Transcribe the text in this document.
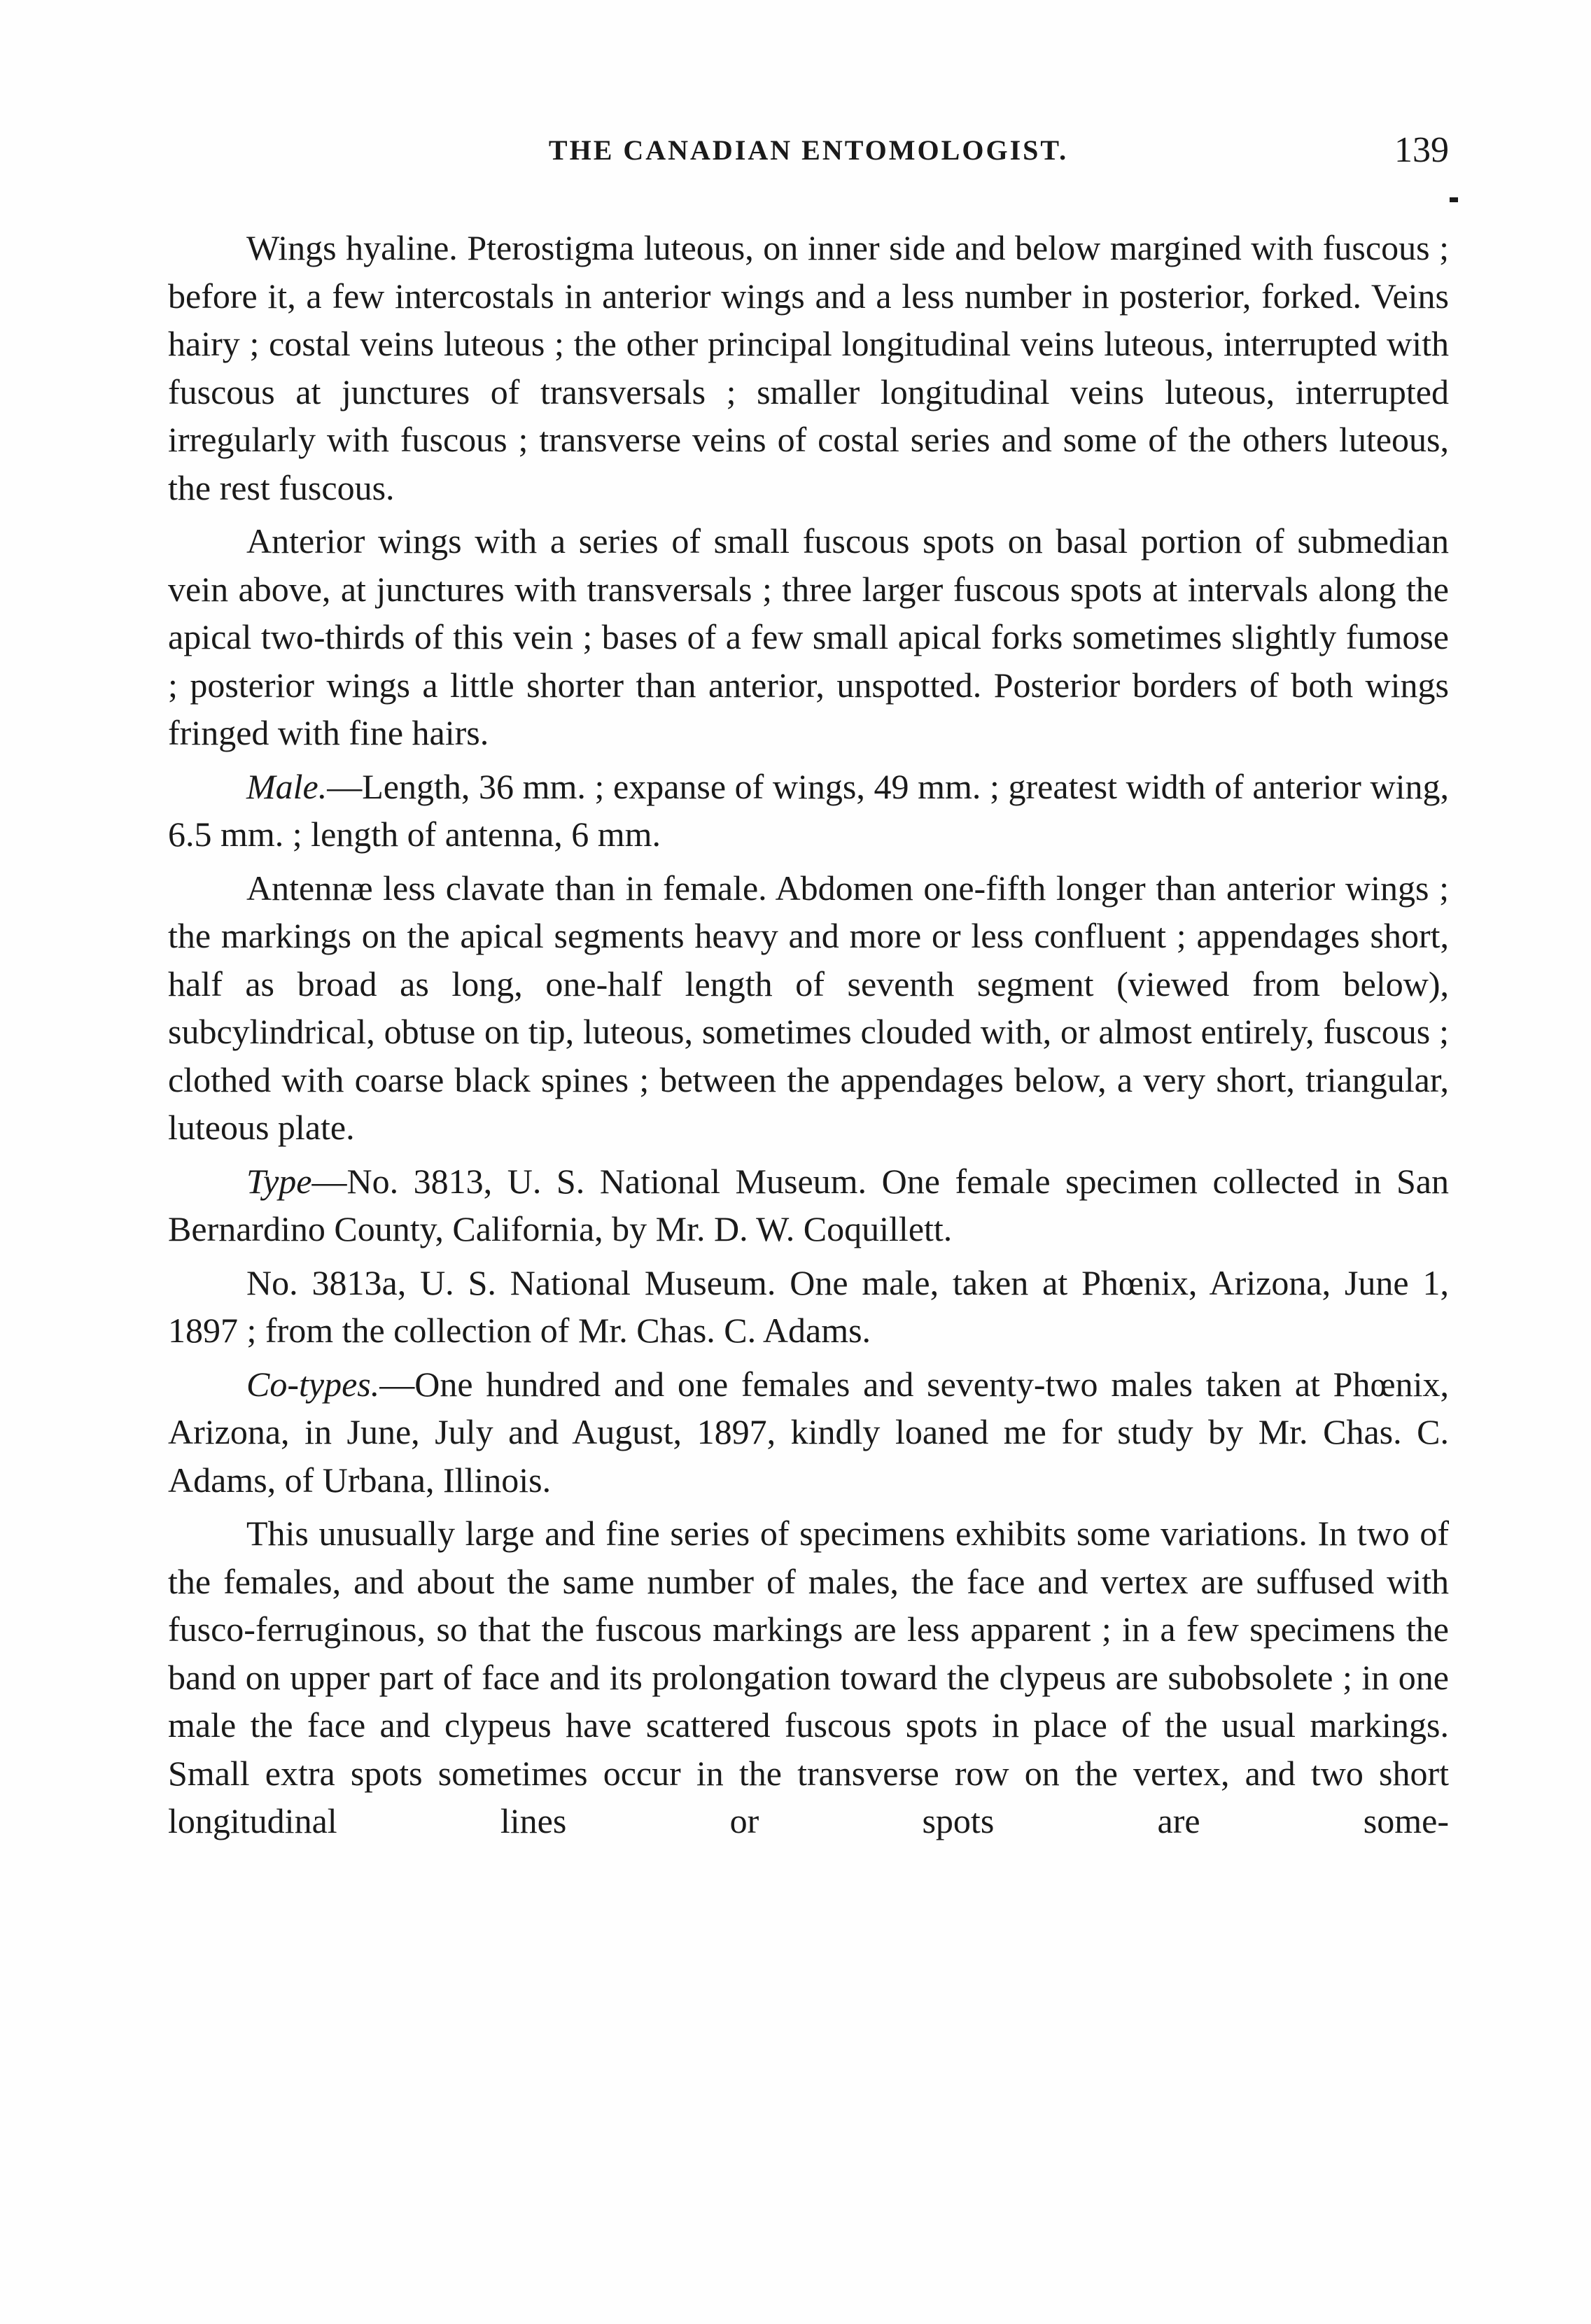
THE CANADIAN ENTOMOLOGIST.	139

Wings hyaline. Pterostigma luteous, on inner side and below margined with fuscous ; before it, a few intercostals in anterior wings and a less number in posterior, forked. Veins hairy ; costal veins luteous ; the other principal longitudinal veins luteous, interrupted with fuscous at junctures of transversals ; smaller longitudinal veins luteous, interrupted irregularly with fuscous ; transverse veins of costal series and some of the others luteous, the rest fuscous.

Anterior wings with a series of small fuscous spots on basal portion of submedian vein above, at junctures with transversals ; three larger fuscous spots at intervals along the apical two-thirds of this vein ; bases of a few small apical forks sometimes slightly fumose ; posterior wings a little shorter than anterior, unspotted. Posterior borders of both wings fringed with fine hairs.

Male.—Length, 36 mm. ; expanse of wings, 49 mm. ; greatest width of anterior wing, 6.5 mm. ; length of antenna, 6 mm.

Antennæ less clavate than in female. Abdomen one-fifth longer than anterior wings ; the markings on the apical segments heavy and more or less confluent ; appendages short, half as broad as long, one-half length of seventh segment (viewed from below), subcylindrical, obtuse on tip, luteous, sometimes clouded with, or almost entirely, fuscous ; clothed with coarse black spines ; between the appendages below, a very short, triangular, luteous plate.

Type—No. 3813, U. S. National Museum. One female specimen collected in San Bernardino County, California, by Mr. D. W. Coquillett.

No. 3813a, U. S. National Museum. One male, taken at Phœnix, Arizona, June 1, 1897 ; from the collection of Mr. Chas. C. Adams.

Co-types.—One hundred and one females and seventy-two males taken at Phœnix, Arizona, in June, July and August, 1897, kindly loaned me for study by Mr. Chas. C. Adams, of Urbana, Illinois.

This unusually large and fine series of specimens exhibits some variations. In two of the females, and about the same number of males, the face and vertex are suffused with fusco-ferruginous, so that the fuscous markings are less apparent ; in a few specimens the band on upper part of face and its prolongation toward the clypeus are subobsolete ; in one male the face and clypeus have scattered fuscous spots in place of the usual markings. Small extra spots sometimes occur in the transverse row on the vertex, and two short longitudinal lines or spots are some-
